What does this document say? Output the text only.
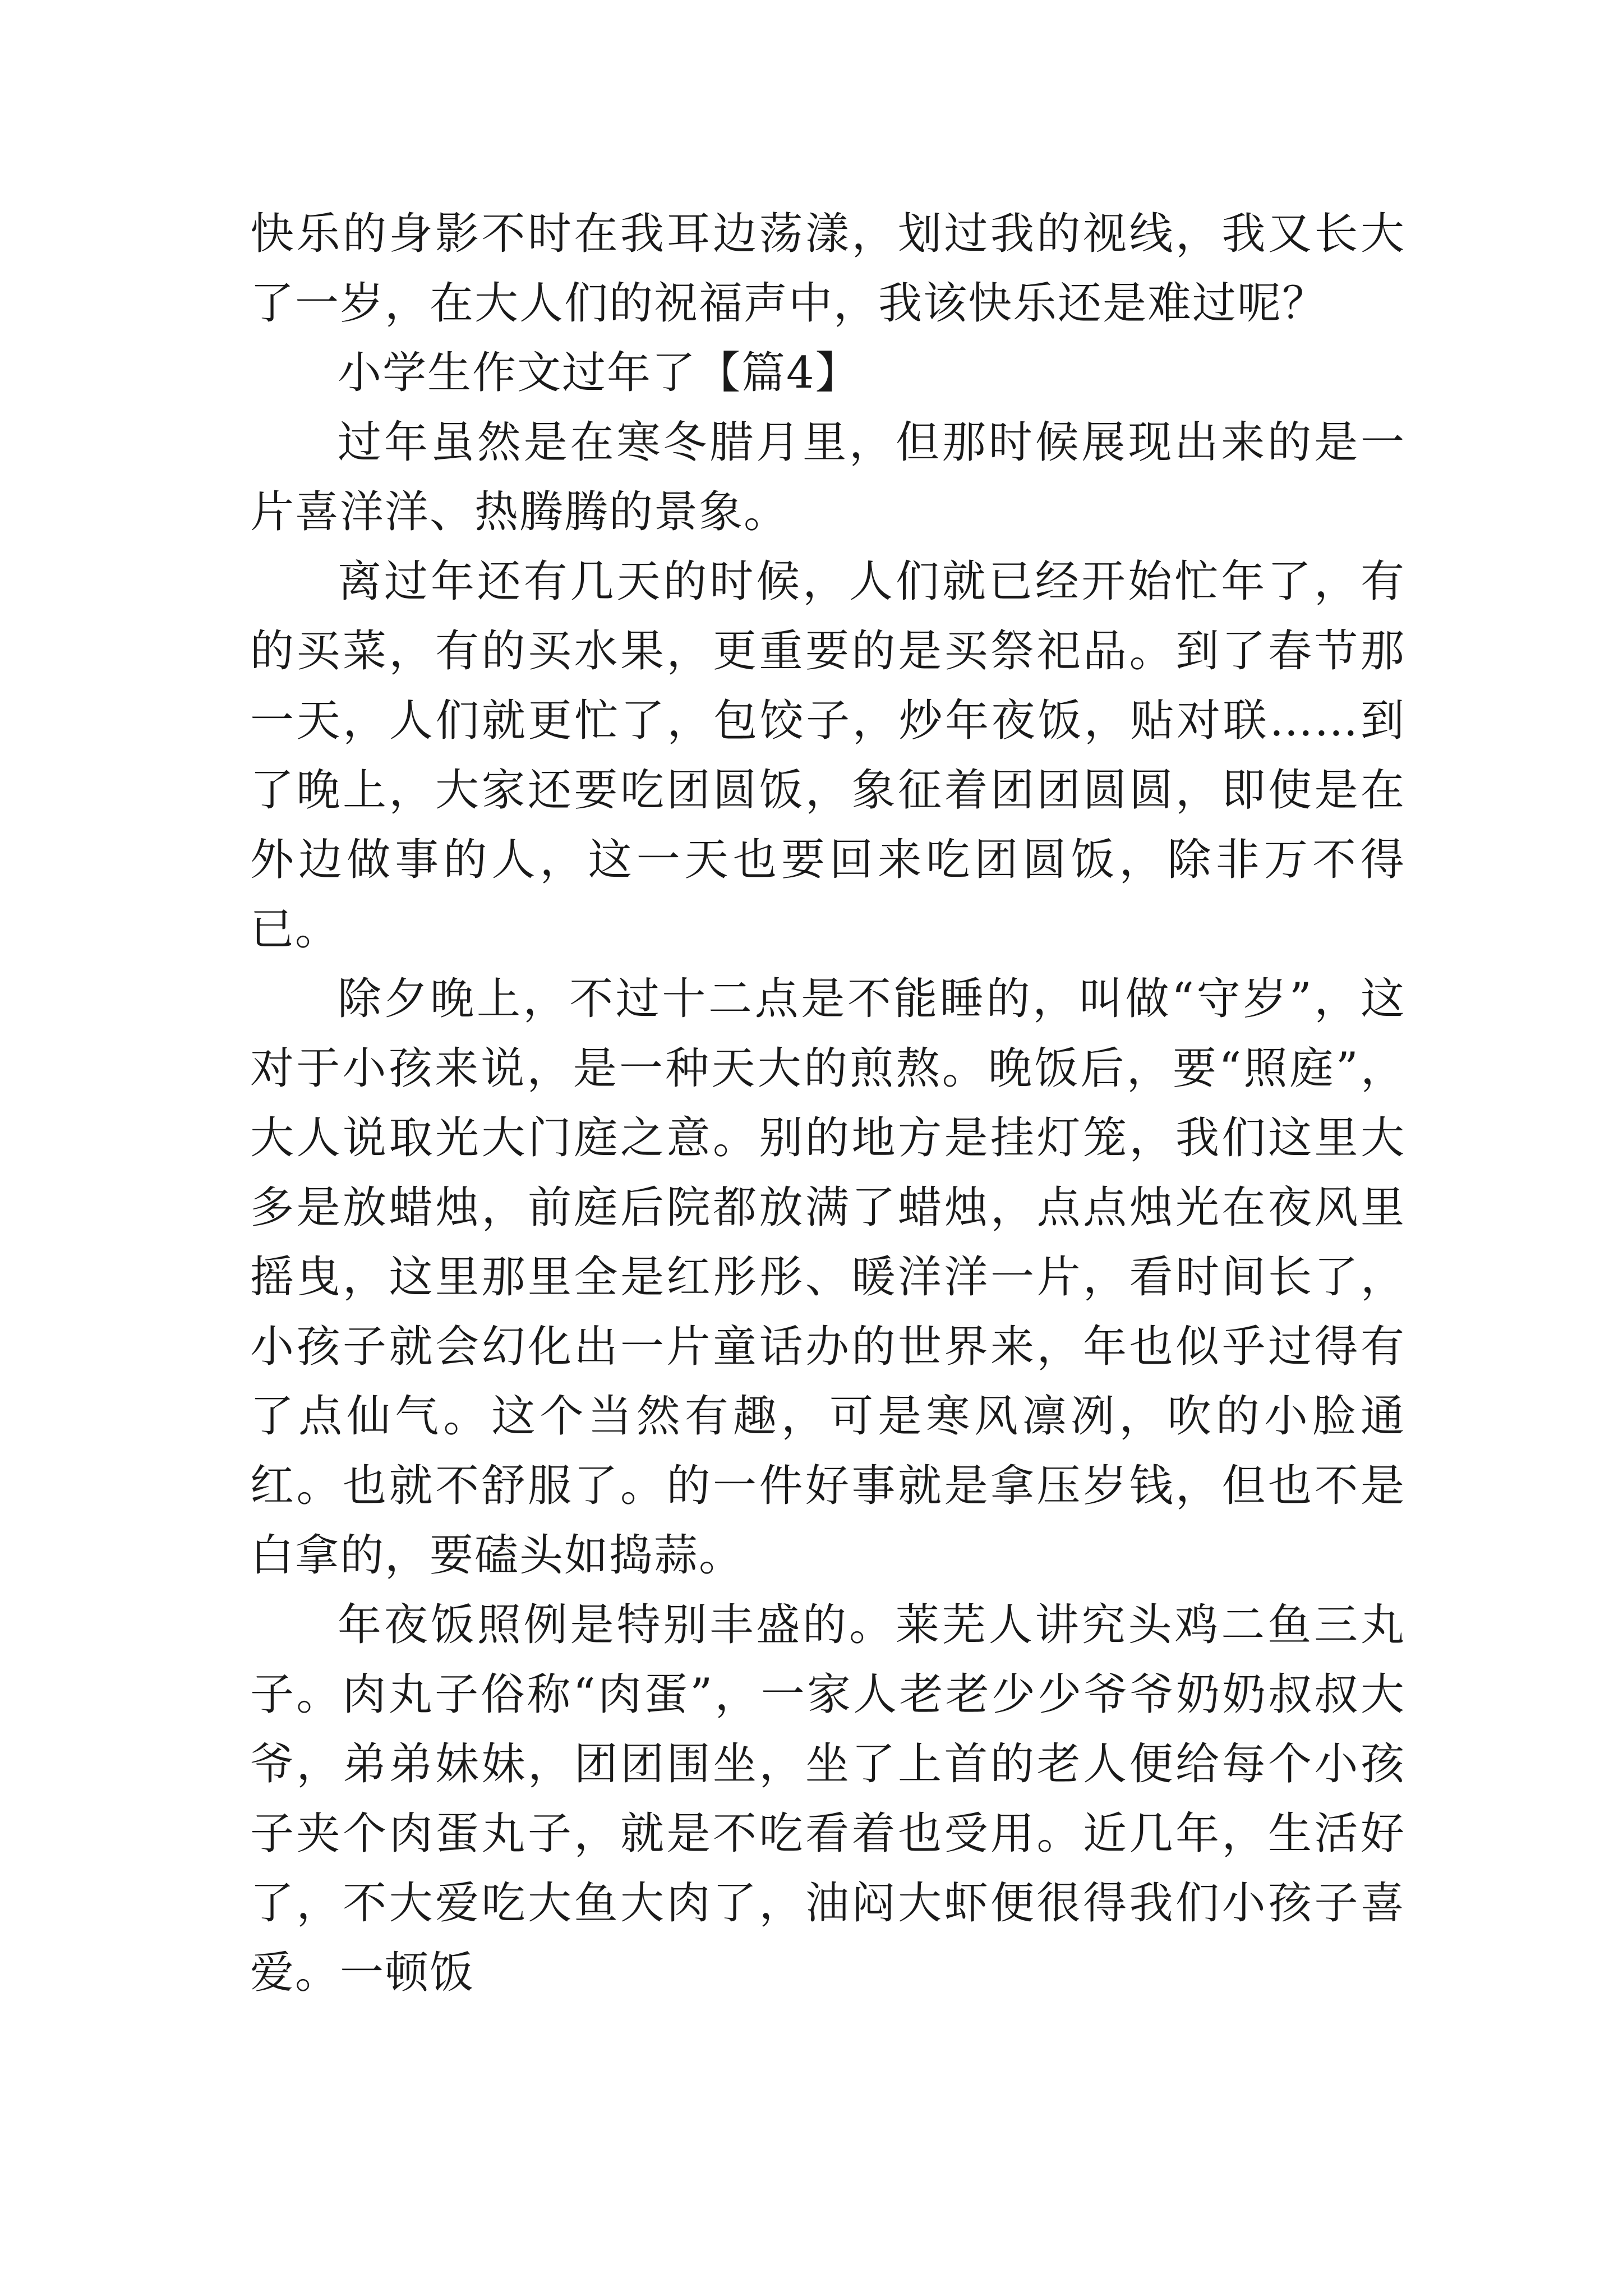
快乐的身影不时在我耳边荡漾，划过我的视线，我又长大了一岁，在大人们的祝福声中，我该快乐还是难过呢？

小学生作文过年了【篇4】

过年虽然是在寒冬腊月里，但那时候展现出来的是一片喜洋洋、热腾腾的景象。

离过年还有几天的时候，人们就已经开始忙年了，有的买菜，有的买水果，更重要的是买祭祀品。到了春节那一天，人们就更忙了，包饺子，炒年夜饭，贴对联……到了晚上，大家还要吃团圆饭，象征着团团圆圆，即使是在外边做事的人，这一天也要回来吃团圆饭，除非万不得已。

除夕晚上，不过十二点是不能睡的，叫做“守岁”，这对于小孩来说，是一种天大的煎熬。晚饭后，要“照庭”，大人说取光大门庭之意。别的地方是挂灯笼，我们这里大多是放蜡烛，前庭后院都放满了蜡烛，点点烛光在夜风里摇曳，这里那里全是红彤彤、暖洋洋一片，看时间长了，小孩子就会幻化出一片童话办的世界来，年也似乎过得有了点仙气。这个当然有趣，可是寒风凛冽，吹的小脸通红。也就不舒服了。的一件好事就是拿压岁钱，但也不是白拿的，要磕头如捣蒜。

年夜饭照例是特别丰盛的。莱芜人讲究头鸡二鱼三丸子。肉丸子俗称“肉蛋”，一家人老老少少爷爷奶奶叔叔大爷，弟弟妹妹，团团围坐，坐了上首的老人便给每个小孩子夹个肉蛋丸子，就是不吃看着也受用。近几年，生活好了，不大爱吃大鱼大肉了，油闷大虾便很得我们小孩子喜爱。一顿饭
